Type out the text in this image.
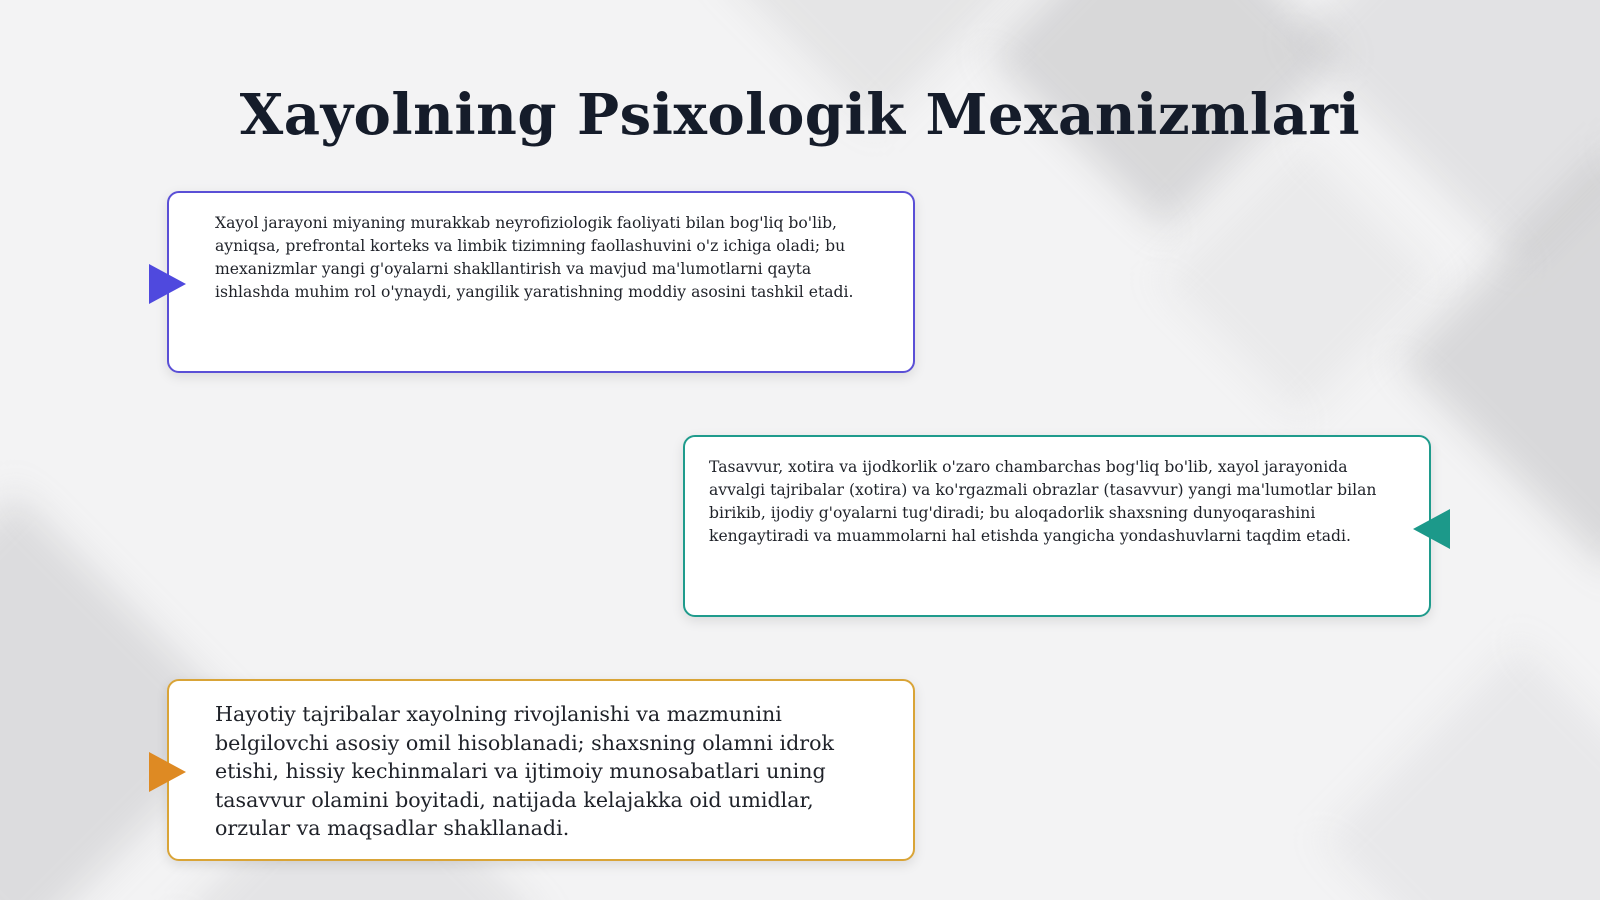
Xayolning Psixologik Mexanizmlari
Xayol jarayoni miyaning murakkab neyrofiziologik faoliyati bilan bog'liq bo'lib, ayniqsa, prefrontal korteks va limbik tizimning faollashuvini o'z ichiga oladi; bu mexanizmlar yangi g'oyalarni shakllantirish va mavjud ma'lumotlarni qayta ishlashda muhim rol o'ynaydi, yangilik yaratishning moddiy asosini tashkil etadi.
Tasavvur, xotira va ijodkorlik o'zaro chambarchas bog'liq bo'lib, xayol jarayonida avvalgi tajribalar (xotira) va ko'rgazmali obrazlar (tasavvur) yangi ma'lumotlar bilan birikib, ijodiy g'oyalarni tug'diradi; bu aloqadorlik shaxsning dunyoqarashini kengaytiradi va muammolarni hal etishda yangicha yondashuvlarni taqdim etadi.
Hayotiy tajribalar xayolning rivojlanishi va mazmunini belgilovchi asosiy omil hisoblanadi; shaxsning olamni idrok etishi, hissiy kechinmalari va ijtimoiy munosabatlari uning tasavvur olamini boyitadi, natijada kelajakka oid umidlar, orzular va maqsadlar shakllanadi.
